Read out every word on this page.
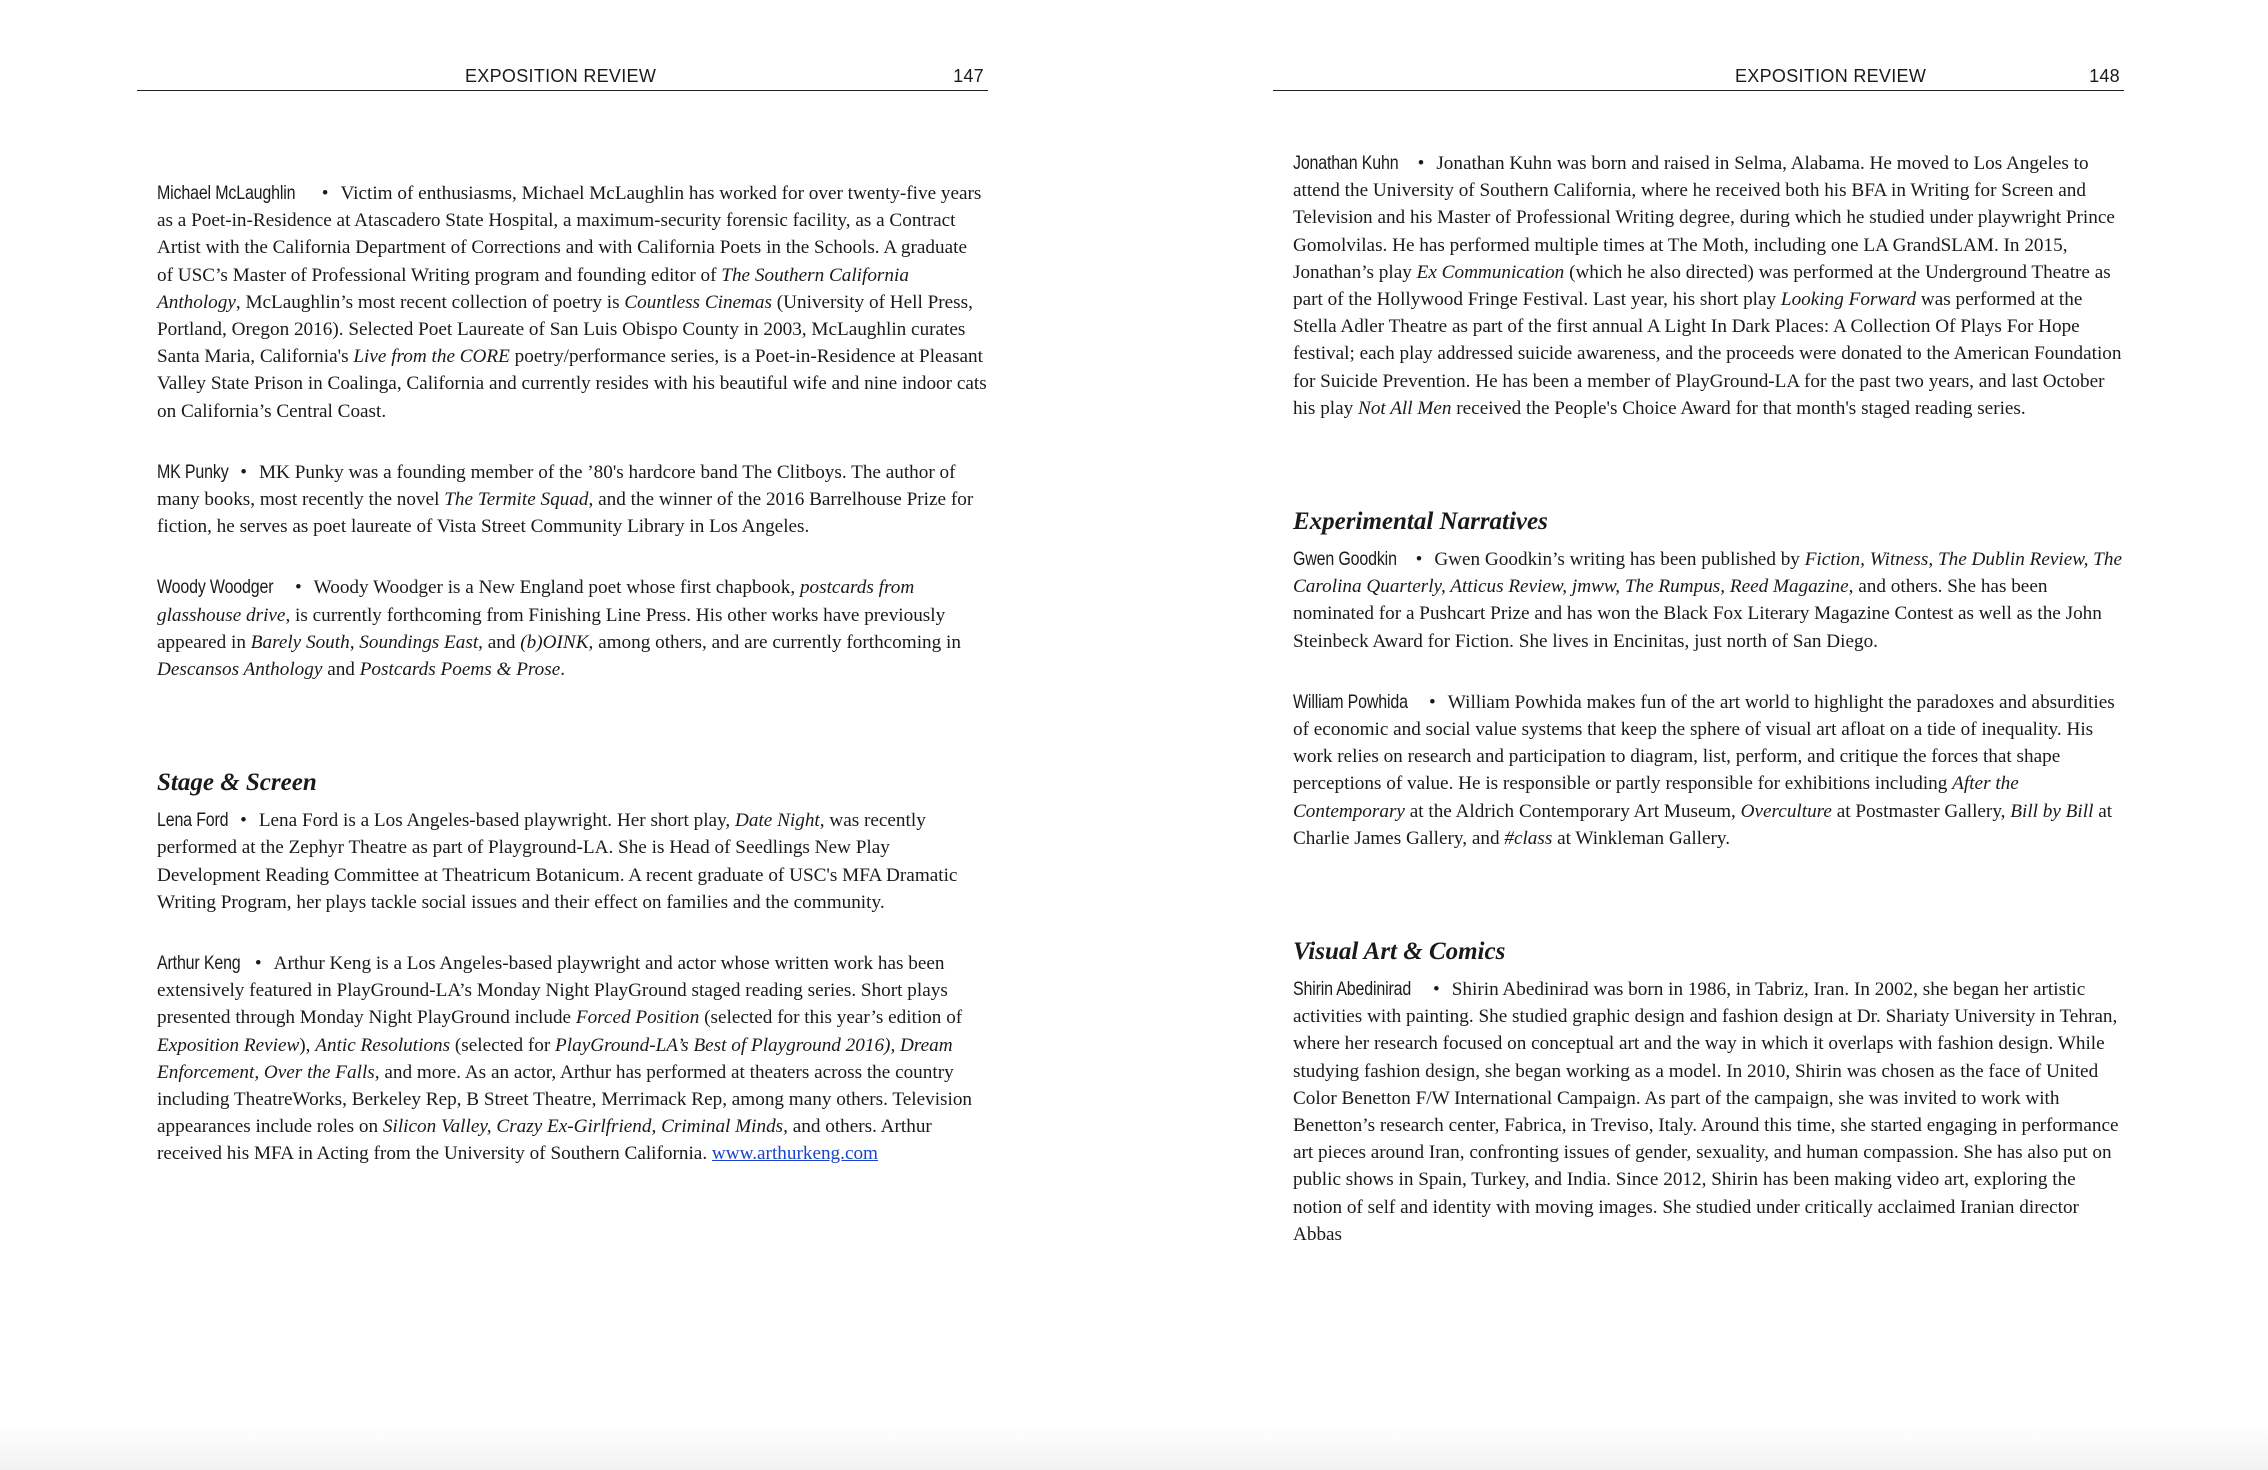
EXPOSITION REVIEW	147

Michael McLaughlin • Victim of enthusiasms, Michael McLaughlin has worked for over twenty-five years as a Poet-in-Residence at Atascadero State Hospital, a maximum-security forensic facility, as a Contract Artist with the California Department of Corrections and with California Poets in the Schools. A graduate of USC’s Master of Professional Writing program and founding editor of The Southern California Anthology, McLaughlin’s most recent collection of poetry is Countless Cinemas (University of Hell Press, Portland, Oregon 2016). Selected Poet Laureate of San Luis Obispo County in 2003, McLaughlin curates Santa Maria, California's Live from the CORE poetry/performance series, is a Poet-in-Residence at Pleasant Valley State Prison in Coalinga, California and currently resides with his beautiful wife and nine indoor cats on California’s Central Coast.

MK Punky • MK Punky was a founding member of the ’80's hardcore band The Clitboys. The author of many books, most recently the novel The Termite Squad, and the winner of the 2016 Barrelhouse Prize for fiction, he serves as poet laureate of Vista Street Community Library in Los Angeles.

Woody Woodger • Woody Woodger is a New England poet whose first chapbook, postcards from glasshouse drive, is currently forthcoming from Finishing Line Press. His other works have previously appeared in Barely South, Soundings East, and (b)OINK, among others, and are currently forthcoming in Descansos Anthology and Postcards Poems & Prose.

Stage & Screen

Lena Ford • Lena Ford is a Los Angeles-based playwright. Her short play, Date Night, was recently performed at the Zephyr Theatre as part of Playground-LA. She is Head of Seedlings New Play Development Reading Committee at Theatricum Botanicum. A recent graduate of USC's MFA Dramatic Writing Program, her plays tackle social issues and their effect on families and the community.

Arthur Keng • Arthur Keng is a Los Angeles-based playwright and actor whose written work has been extensively featured in PlayGround-LA’s Monday Night PlayGround staged reading series. Short plays presented through Monday Night PlayGround include Forced Position (selected for this year’s edition of Exposition Review), Antic Resolutions (selected for PlayGround-LA’s Best of Playground 2016), Dream Enforcement, Over the Falls, and more. As an actor, Arthur has performed at theaters across the country including TheatreWorks, Berkeley Rep, B Street Theatre, Merrimack Rep, among many others. Television appearances include roles on Silicon Valley, Crazy Ex-Girlfriend, Criminal Minds, and others. Arthur received his MFA in Acting from the University of Southern California. www.arthurkeng.com

EXPOSITION REVIEW	148

Jonathan Kuhn • Jonathan Kuhn was born and raised in Selma, Alabama. He moved to Los Angeles to attend the University of Southern California, where he received both his BFA in Writing for Screen and Television and his Master of Professional Writing degree, during which he studied under playwright Prince Gomolvilas. He has performed multiple times at The Moth, including one LA GrandSLAM. In 2015, Jonathan’s play Ex Communication (which he also directed) was performed at the Underground Theatre as part of the Hollywood Fringe Festival. Last year, his short play Looking Forward was performed at the Stella Adler Theatre as part of the first annual A Light In Dark Places: A Collection Of Plays For Hope festival; each play addressed suicide awareness, and the proceeds were donated to the American Foundation for Suicide Prevention. He has been a member of PlayGround-LA for the past two years, and last October his play Not All Men received the People's Choice Award for that month's staged reading series.

Experimental Narratives

Gwen Goodkin • Gwen Goodkin’s writing has been published by Fiction, Witness, The Dublin Review, The Carolina Quarterly, Atticus Review, jmww, The Rumpus, Reed Magazine, and others. She has been nominated for a Pushcart Prize and has won the Black Fox Literary Magazine Contest as well as the John Steinbeck Award for Fiction. She lives in Encinitas, just north of San Diego.

William Powhida • William Powhida makes fun of the art world to highlight the paradoxes and absurdities of economic and social value systems that keep the sphere of visual art afloat on a tide of inequality. His work relies on research and participation to diagram, list, perform, and critique the forces that shape perceptions of value. He is responsible or partly responsible for exhibitions including After the Contemporary at the Aldrich Contemporary Art Museum, Overculture at Postmaster Gallery, Bill by Bill at Charlie James Gallery, and #class at Winkleman Gallery.

Visual Art & Comics

Shirin Abedinirad • Shirin Abedinirad was born in 1986, in Tabriz, Iran. In 2002, she began her artistic activities with painting. She studied graphic design and fashion design at Dr. Shariaty University in Tehran, where her research focused on conceptual art and the way in which it overlaps with fashion design. While studying fashion design, she began working as a model. In 2010, Shirin was chosen as the face of United Color Benetton F/W International Campaign. As part of the campaign, she was invited to work with Benetton’s research center, Fabrica, in Treviso, Italy. Around this time, she started engaging in performance art pieces around Iran, confronting issues of gender, sexuality, and human compassion. She has also put on public shows in Spain, Turkey, and India. Since 2012, Shirin has been making video art, exploring the notion of self and identity with moving images. She studied under critically acclaimed Iranian director Abbas
